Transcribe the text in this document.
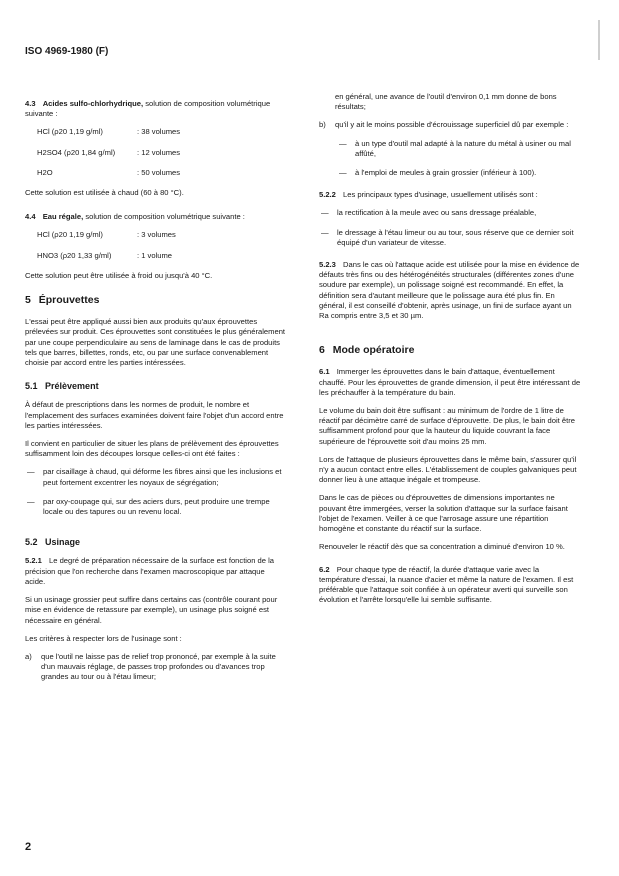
ISO 4969-1980 (F)

4.3 Acides sulfo-chlorhydrique, solution de composition volumétrique suivante :

HCl (ρ20 1,19 g/ml)	: 38 volumes
H2SO4 (ρ20 1,84 g/ml)	: 12 volumes
H2O	: 50 volumes

Cette solution est utilisée à chaud (60 à 80 °C).

4.4 Eau régale, solution de composition volumétrique suivante :

HCl (ρ20 1,19 g/ml)	: 3 volumes
HNO3 (ρ20 1,33 g/ml)	: 1 volume

Cette solution peut être utilisée à froid ou jusqu'à 40 °C.

5 Éprouvettes

L'essai peut être appliqué aussi bien aux produits qu'aux éprouvettes prélevées sur produit. Ces éprouvettes sont constituées le plus généralement par une coupe perpendiculaire au sens de laminage dans le cas de produits tels que barres, billettes, ronds, etc, ou par une surface convenablement choisie par accord entre les parties intéressées.

5.1 Prélèvement

À défaut de prescriptions dans les normes de produit, le nombre et l'emplacement des surfaces examinées doivent faire l'objet d'un accord entre les parties intéressées.

Il convient en particulier de situer les plans de prélèvement des éprouvettes suffisamment loin des découpes lorsque celles-ci ont été faites :

—	par cisaillage à chaud, qui déforme les fibres ainsi que les inclusions et peut fortement excentrer les noyaux de ségrégation;
—	par oxy-coupage qui, sur des aciers durs, peut produire une trempe locale ou des tapures ou un revenu local.
5.2 Usinage

5.2.1 Le degré de préparation nécessaire de la surface est fonction de la précision que l'on recherche dans l'examen macroscopique par attaque acide.

Si un usinage grossier peut suffire dans certains cas (contrôle courant pour mise en évidence de retassure par exemple), un usinage plus soigné est nécessaire en général.

Les critères à respecter lors de l'usinage sont :

a)	que l'outil ne laisse pas de relief trop prononcé, par exemple à la suite d'un mauvais réglage, de passes trop profondes ou d'avances trop grandes au tour ou à l'étau limeur;

en général, une avance de l'outil d'environ 0,1 mm donne de bons résultats;

b)	qu'il y ait le moins possible d'écrouissage superficiel dû par exemple :
—	à un type d'outil mal adapté à la nature du métal à usiner ou mal affûté,
—	à l'emploi de meules à grain grossier (inférieur à 100).

5.2.2 Les principaux types d'usinage, usuellement utilisés sont :

—	la rectification à la meule avec ou sans dressage préalable,
—	le dressage à l'étau limeur ou au tour, sous réserve que ce dernier soit équipé d'un variateur de vitesse.

5.2.3 Dans le cas où l'attaque acide est utilisée pour la mise en évidence de défauts très fins ou des hétérogénéités structurales (différentes zones d'une soudure par exemple), un polissage soigné est recommandé. En effet, la définition sera d'autant meilleure que le polissage aura été plus fin. En général, il est conseillé d'obtenir, après usinage, un fini de surface ayant un Ra compris entre 3,5 et 30 µm.

6 Mode opératoire

6.1 Immerger les éprouvettes dans le bain d'attaque, éventuellement chauffé. Pour les éprouvettes de grande dimension, il peut être intéressant de les préchauffer à la température du bain.

Le volume du bain doit être suffisant : au minimum de l'ordre de 1 litre de réactif par décimètre carré de surface d'éprouvette. De plus, le bain doit être suffisamment profond pour que la hauteur du liquide couvrant la face supérieure de l'éprouvette soit d'au moins 25 mm.

Lors de l'attaque de plusieurs éprouvettes dans le même bain, s'assurer qu'il n'y a aucun contact entre elles. L'établissement de couples galvaniques peut donner lieu à une attaque inégale et trompeuse.

Dans le cas de pièces ou d'éprouvettes de dimensions importantes ne pouvant être immergées, verser la solution d'attaque sur la surface faisant l'objet de l'examen. Veiller à ce que l'arrosage assure une répartition homogène et constante du réactif sur la surface.

Renouveler le réactif dès que sa concentration a diminué d'environ 10 %.

6.2 Pour chaque type de réactif, la durée d'attaque varie avec la température d'essai, la nuance d'acier et même la nature de l'examen. Il est préférable que l'attaque soit confiée à un opérateur averti qui surveille son évolution et l'arrête lorsqu'elle lui semble suffisante.

2
